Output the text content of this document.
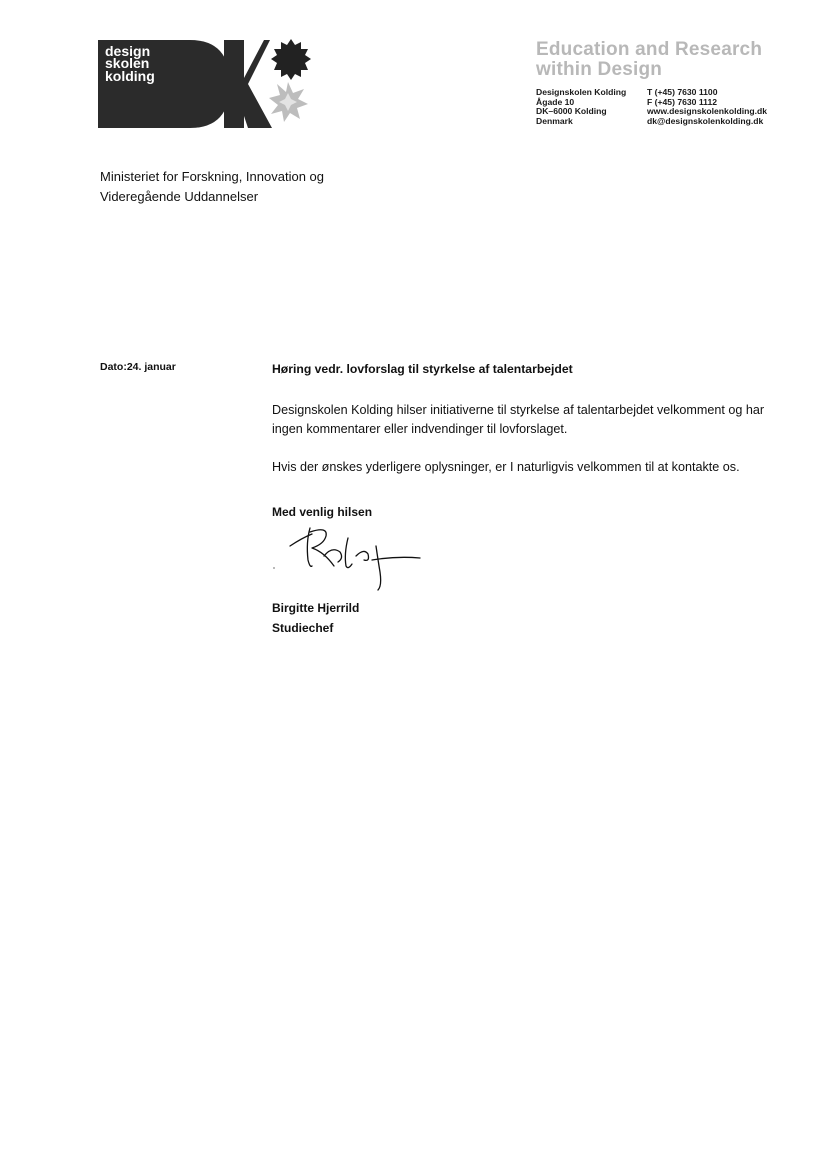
design
skolen
kolding
Education and Research
within Design
Designskolen Kolding
Ågade 10
DK–6000 Kolding
Denmark
T (+45) 7630 1100
F (+45) 7630 1112
www.designskolenkolding.dk
dk@designskolenkolding.dk
Ministeriet for Forskning, Innovation og
Videregående Uddannelser
Dato:24. januar	Høring vedr. lovforslag til styrkelse af talentarbejdet

Designskolen Kolding hilser initiativerne til styrkelse af talentarbejdet velkomment og har ingen kommentarer eller indvendinger til lovforslaget.

Hvis der ønskes yderligere oplysninger, er I naturligvis velkommen til at kontakte os.

Med venlig hilsen
Birgitte Hjerrild
Studiechef
